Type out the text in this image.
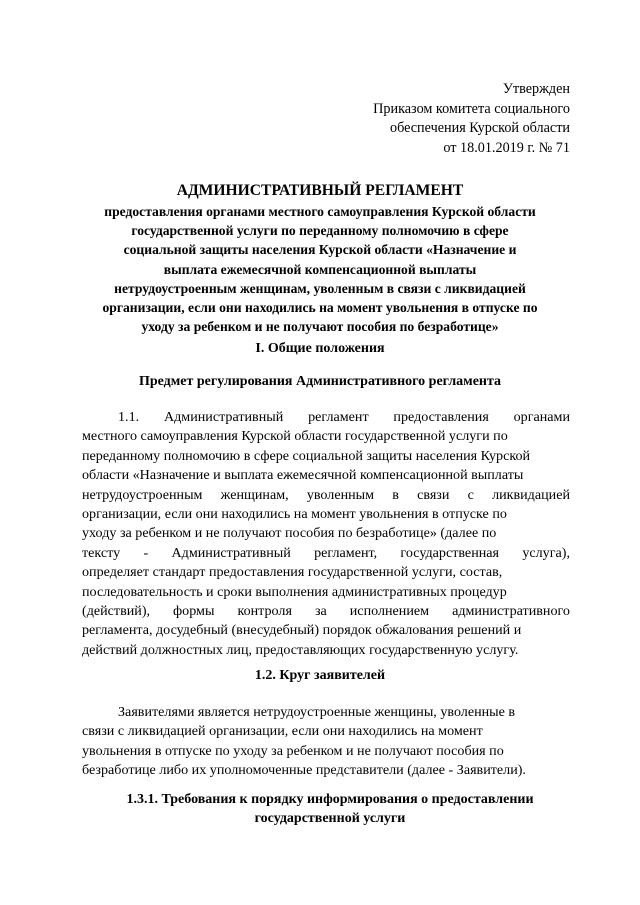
Утвержден
Приказом комитета социального
обеспечения Курской области
от 18.01.2019 г. № 71
АДМИНИСТРАТИВНЫЙ РЕГЛАМЕНТ
предоставления органами местного самоуправления Курской области
государственной услуги по переданному полномочию в сфере
социальной защиты населения Курской области «Назначение и
выплата ежемесячной компенсационной выплаты
нетрудоустроенным женщинам, уволенным в связи с ликвидацией
организации, если они находились на момент увольнения в отпуске по
уходу за ребенком и не получают пособия по безработице»
I. Общие положения
Предмет регулирования Административного регламента
1.1. Административный регламент предоставления органами
местного самоуправления Курской области государственной услуги по
переданному полномочию в сфере социальной защиты населения Курской
области «Назначение и выплата ежемесячной компенсационной выплаты
нетрудоустроенным женщинам, уволенным в связи с ликвидацией
организации, если они находились на момент увольнения в отпуске по
уходу за ребенком и не получают пособия по безработице» (далее по
тексту - Административный регламент, государственная услуга),
определяет стандарт предоставления государственной услуги, состав,
последовательность и сроки выполнения административных процедур
(действий), формы контроля за исполнением административного
регламента, досудебный (внесудебный) порядок обжалования решений и
действий должностных лиц, предоставляющих государственную услугу.
1.2. Круг заявителей
Заявителями является нетрудоустроенные женщины, уволенные в
связи с ликвидацией организации, если они находились на момент
увольнения в отпуске по уходу за ребенком и не получают пособия по
безработице либо их уполномоченные представители (далее - Заявители).
1.3.1. Требования к порядку информирования о предоставлении
государственной услуги
